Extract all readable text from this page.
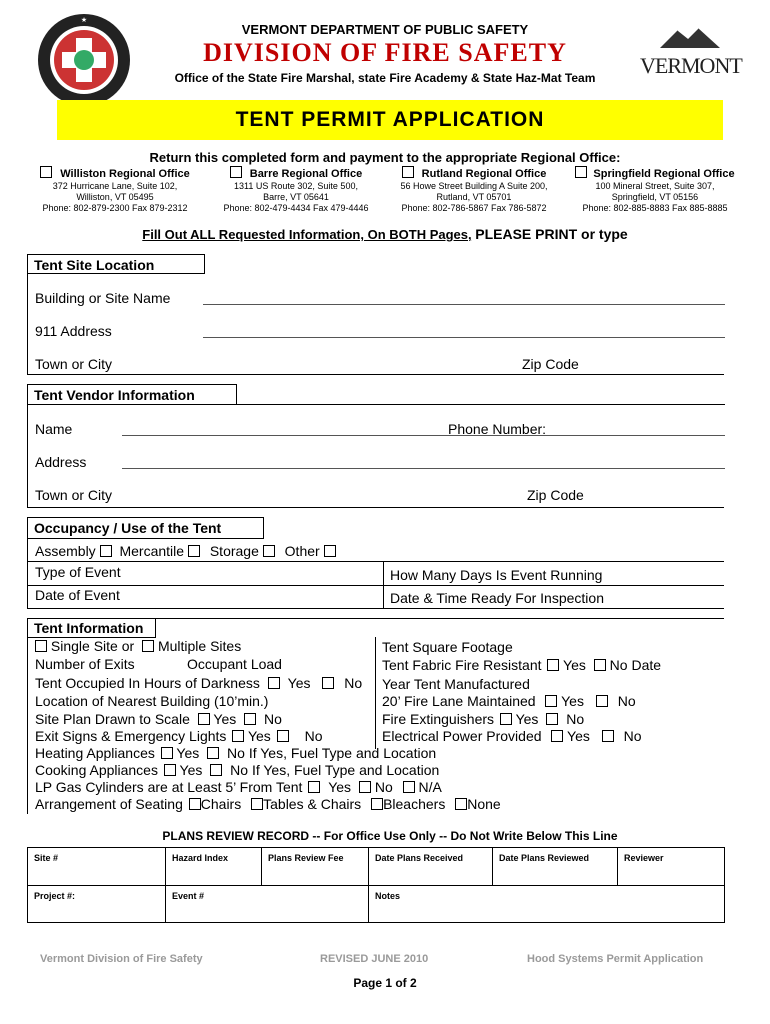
★
VERMONT DEPARTMENT OF PUBLIC SAFETY
DIVISION OF FIRE SAFETY
Office of the State Fire Marshal, state Fire Academy & State Haz-Mat Team	VERMONT
TENT PERMIT APPLICATION
Return this completed form and payment to the appropriate Regional Office:
Williston Regional Office
372 Hurricane Lane, Suite 102,
Williston, VT 05495
Phone: 802-879-2300 Fax 879-2312
Barre Regional Office
1311 US Route 302, Suite 500,
Barre, VT 05641
Phone: 802-479-4434 Fax 479-4446
Rutland Regional Office
56 Howe Street Building A Suite 200,
Rutland, VT 05701
Phone: 802-786-5867 Fax 786-5872
Springfield Regional Office
100 Mineral Street, Suite 307,
Springfield, VT 05156
Phone: 802-885-8883 Fax 885-8885
Fill Out ALL Requested Information, On BOTH Pages, PLEASE PRINT or type
Tent Site Location
Building or Site Name
911 Address
Town or City	Zip Code
Tent Vendor Information
Name	Phone Number:
Address
Town or City	Zip Code
Occupancy / Use of the Tent
Assembly Mercantile Storage Other
Type of Event	How Many Days Is Event Running
Date of Event	Date & Time Ready For Inspection
Tent Information
Single Site or Multiple Sites
Number of Exits	Occupant Load
Tent Occupied In Hours of Darkness Yes No
Location of Nearest Building (10’min.)
Site Plan Drawn to Scale Yes No
Exit Signs & Emergency Lights Yes No
Heating Appliances Yes No If Yes, Fuel Type and Location
Cooking Appliances Yes No If Yes, Fuel Type and Location
LP Gas Cylinders are at Least 5’ From Tent Yes No N/A
Arrangement of Seating Chairs Tables & Chairs Bleachers None
Tent Square Footage
Tent Fabric Fire Resistant Yes No Date
Year Tent Manufactured
20’ Fire Lane Maintained Yes No
Fire Extinguishers Yes No
Electrical Power Provided Yes No
PLANS REVIEW RECORD -- For Office Use Only -- Do Not Write Below This Line
Site #	Hazard Index	Plans Review Fee	Date Plans Received	Date Plans Reviewed	Reviewer
Project #:	Event #	Notes
Vermont Division of Fire Safety	REVISED JUNE 2010	Hood Systems Permit Application
Page 1 of 2
